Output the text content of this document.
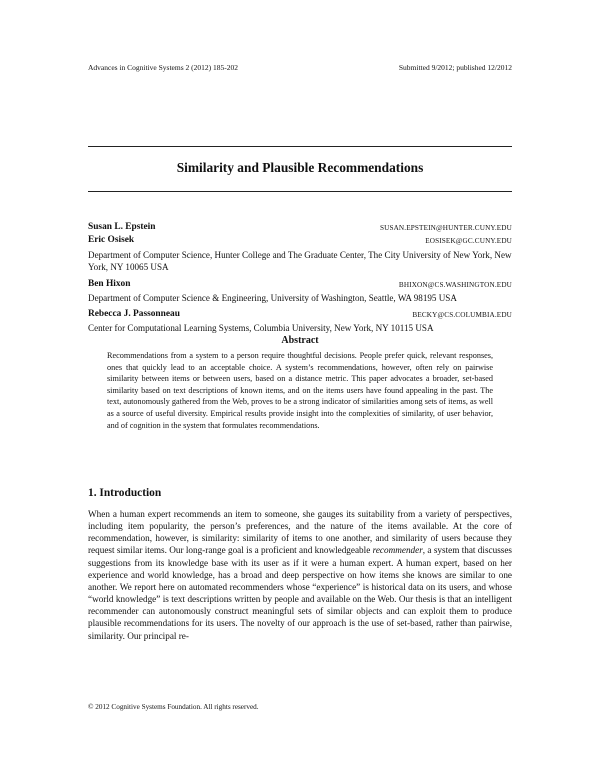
Advances in Cognitive Systems 2 (2012) 185-202	Submitted 9/2012; published 12/2012
Similarity and Plausible Recommendations
Susan L. Epstein	SUSAN.EPSTEIN@HUNTER.CUNY.EDU
Eric Osisek	EOSISEK@GC.CUNY.EDU
Department of Computer Science, Hunter College and The Graduate Center, The City University of New York, New York, NY 10065 USA
Ben Hixon	BHIXON@CS.WASHINGTON.EDU
Department of Computer Science & Engineering, University of Washington, Seattle, WA 98195 USA
Rebecca J. Passonneau	BECKY@CS.COLUMBIA.EDU
Center for Computational Learning Systems, Columbia University, New York, NY 10115 USA
Abstract
Recommendations from a system to a person require thoughtful decisions. People prefer quick, relevant responses, ones that quickly lead to an acceptable choice. A system’s recommendations, however, often rely on pairwise similarity between items or between users, based on a distance metric. This paper advocates a broader, set-based similarity based on text descriptions of known items, and on the items users have found appealing in the past. The text, autonomously gathered from the Web, proves to be a strong indicator of similarities among sets of items, as well as a source of useful diversity. Empirical results provide insight into the complexities of similarity, of user behavior, and of cognition in the system that formulates recommendations.
1. Introduction
When a human expert recommends an item to someone, she gauges its suitability from a variety of perspectives, including item popularity, the person’s preferences, and the nature of the items available. At the core of recommendation, however, is similarity: similarity of items to one another, and similarity of users because they request similar items. Our long-range goal is a proficient and knowledgeable recommender, a system that discusses suggestions from its knowledge base with its user as if it were a human expert. A human expert, based on her experience and world knowledge, has a broad and deep perspective on how items she knows are similar to one another. We report here on automated recommenders whose “experience” is historical data on its users, and whose “world knowledge” is text descriptions written by people and available on the Web. Our thesis is that an intelligent recommender can autonomously construct meaningful sets of similar objects and can exploit them to produce plausible recommendations for its users. The novelty of our approach is the use of set-based, rather than pairwise, similarity. Our principal re-
© 2012 Cognitive Systems Foundation. All rights reserved.
